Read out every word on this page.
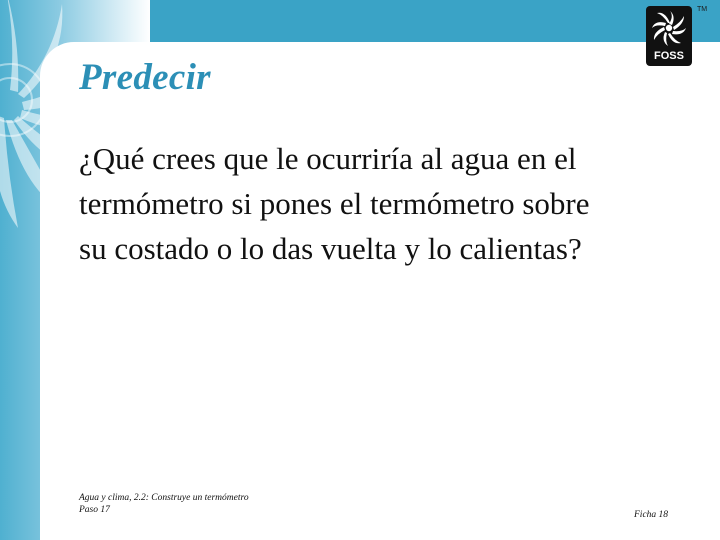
Predecir

¿Qué crees que le ocurriría al agua en el
termómetro si pones el termómetro sobre
su costado o lo das vuelta y lo calientas?

Agua y clima, 2.2: Construye un termómetro
Paso 17	Ficha 18
FOSS
TM
